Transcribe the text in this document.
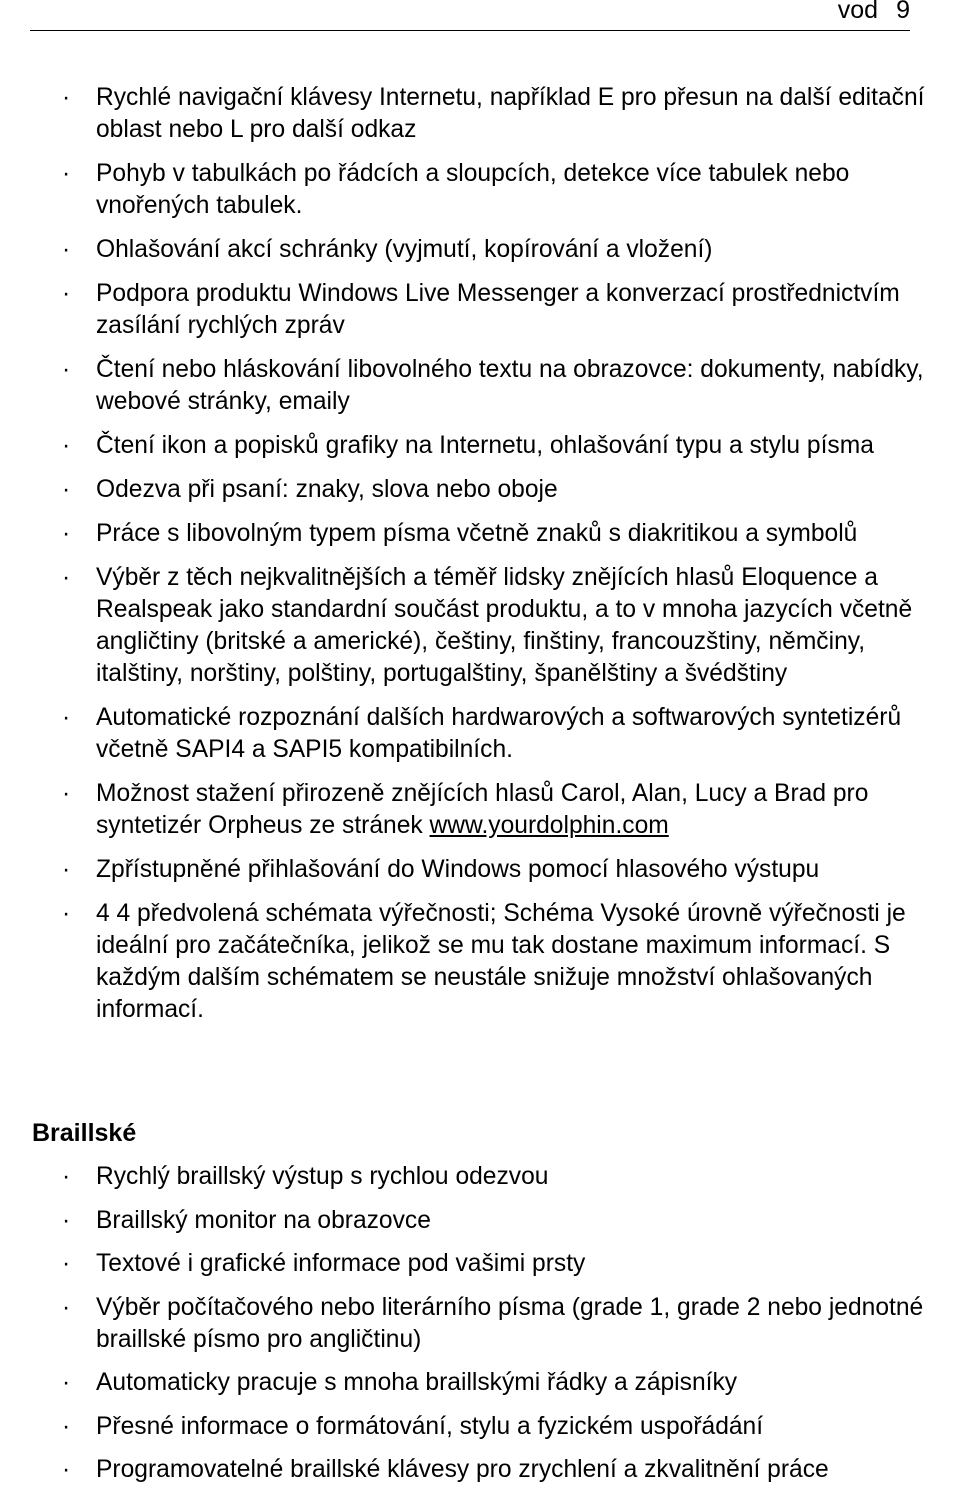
vod 9
· Rychlé navigační klávesy Internetu, například E pro přesun na další editační oblast nebo L pro další odkaz
· Pohyb v tabulkách po řádcích a sloupcích, detekce více tabulek nebo vnořených tabulek.
· Ohlašování akcí schránky (vyjmutí, kopírování a vložení)
· Podpora produktu Windows Live Messenger a konverzací prostřednictvím zasílání rychlých zpráv
· Čtení nebo hláskování libovolného textu na obrazovce: dokumenty, nabídky, webové stránky, emaily
· Čtení ikon a popisků grafiky na Internetu, ohlašování typu a stylu písma
· Odezva při psaní: znaky, slova nebo oboje
· Práce s libovolným typem písma včetně znaků s diakritikou a symbolů
· Výběr z těch nejkvalitnějších a téměř lidsky znějících hlasů Eloquence a Realspeak jako standardní součást produktu, a to v mnoha jazycích včetně angličtiny (britské a americké), češtiny, finštiny, francouzštiny, němčiny, italštiny, norštiny, polštiny, portugalštiny, španělštiny a švédštiny
· Automatické rozpoznání dalších hardwarových a softwarových syntetizérů včetně SAPI4 a SAPI5 kompatibilních.
· Možnost stažení přirozeně znějících hlasů Carol, Alan, Lucy a Brad pro syntetizér Orpheus ze stránek www.yourdolphin.com
· Zpřístupněné přihlašování do Windows pomocí hlasového výstupu
· 4 4 předvolená schémata výřečnosti; Schéma Vysoké úrovně výřečnosti je ideální pro začátečníka, jelikož se mu tak dostane maximum informací. S každým dalším schématem se neustále snižuje množství ohlašovaných informací.
Braillské
· Rychlý braillský výstup s rychlou odezvou
· Braillský monitor na obrazovce
· Textové i grafické informace pod vašimi prsty
· Výběr počítačového nebo literárního písma (grade 1, grade 2 nebo jednotné braillské písmo pro angličtinu)
· Automaticky pracuje s mnoha braillskými řádky a zápisníky
· Přesné informace o formátování, stylu a fyzickém uspořádání
· Programovatelné braillské klávesy pro zrychlení a zkvalitnění práce
